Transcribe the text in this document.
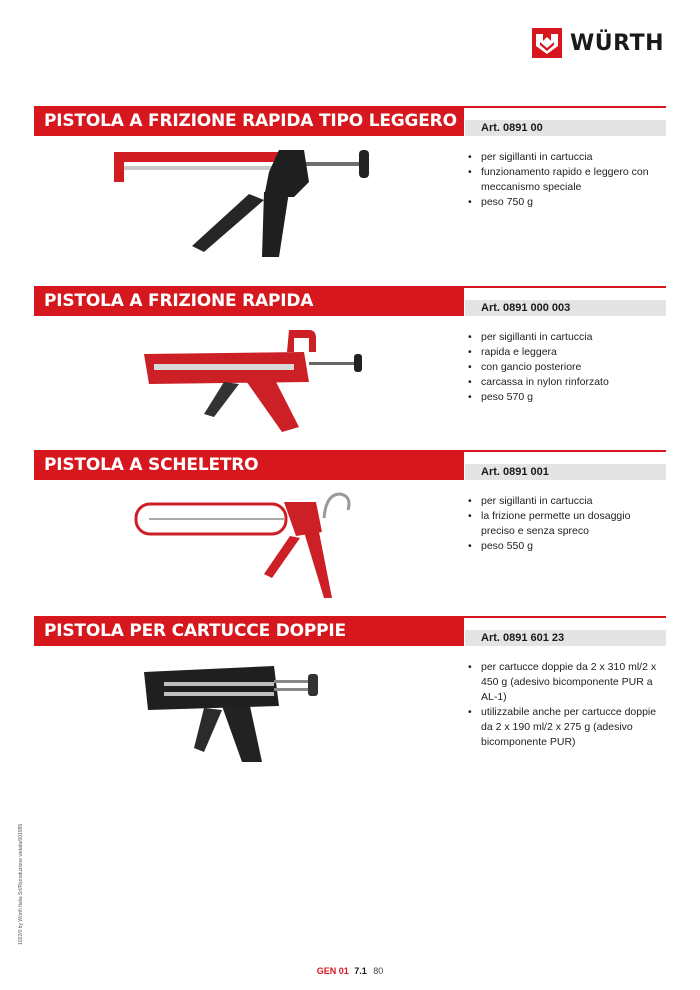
WÜRTH
PISTOLA A FRIZIONE RAPIDA TIPO LEGGERO	Art. 0891 00
• per sigillanti in cartuccia
• funzionamento rapido e leggero con meccanismo speciale
• peso 750 g
PISTOLA A FRIZIONE RAPIDA	Art. 0891 000 003
• per sigillanti in cartuccia
• rapida e leggera
• con gancio posteriore
• carcassa in nylon rinforzato
• peso 570 g
PISTOLA A SCHELETRO	Art. 0891 001
• per sigillanti in cartuccia
• la frizione permette un dosaggio preciso e senza spreco
• peso 550 g
PISTOLA PER CARTUCCE DOPPIE	Art. 0891 601 23
• per cartucce doppie da 2 x 310 ml/2 x 450 g (adesivo bicomponente PUR a AL-1)
• utilizzabile anche per cartucce doppie da 2 x 190 ml/2 x 275 g (adesivo bicomponente PUR)
1022/0 by Würth Italia Srl/Riproduzione vietata/001995
GEN 01 7.1 80
